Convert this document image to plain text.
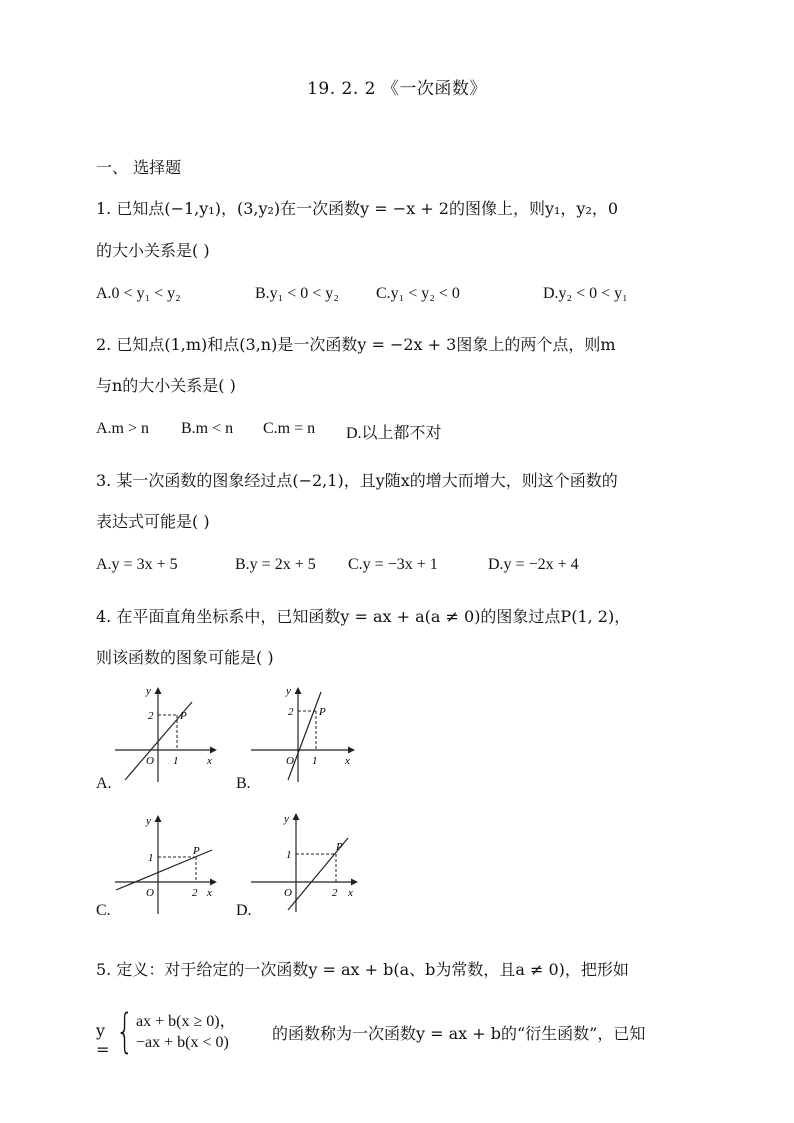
19. 2. 2 《一次函数》
一、 选择题
1. 已知点(−1,y₁)，(3,y₂)在一次函数y = −x + 2的图像上，则y₁，y₂，0
的大小关系是( )
A.0 < y₁ < y₂	B.y₁ < 0 < y₂ C.y₁ < y₂ < 0	D.y₂ < 0 < y₁
2. 已知点(1,m)和点(3,n)是一次函数y = −2x + 3图象上的两个点，则m
与n的大小关系是( )
A.m > n B.m < n C.m = n D.以上都不对
3. 某一次函数的图象经过点(−2,1)，且y随x的增大而增大，则这个函数的
表达式可能是( )
A.y = 3x + 5	B.y = 2x + 5 C.y = −3x + 1	D.y = −2x + 4
4. 在平面直角坐标系中，已知函数y = ax + a(a ≠ 0)的图象过点P(1, 2)，
则该函数的图象可能是( )
y
x
O
2
1
P
A.
y
x
O
2
1
P
B.
y
x
O
1
2
P
C.
y
x
O
1
2
P
D.
5. 定义：对于给定的一次函数y = ax + b(a、b为常数，且a ≠ 0)，把形如
y = { ax + b(x ≥ 0)，
−ax + b(x < 0)	的函数称为一次函数y = ax + b的“衍生函数”，已知
